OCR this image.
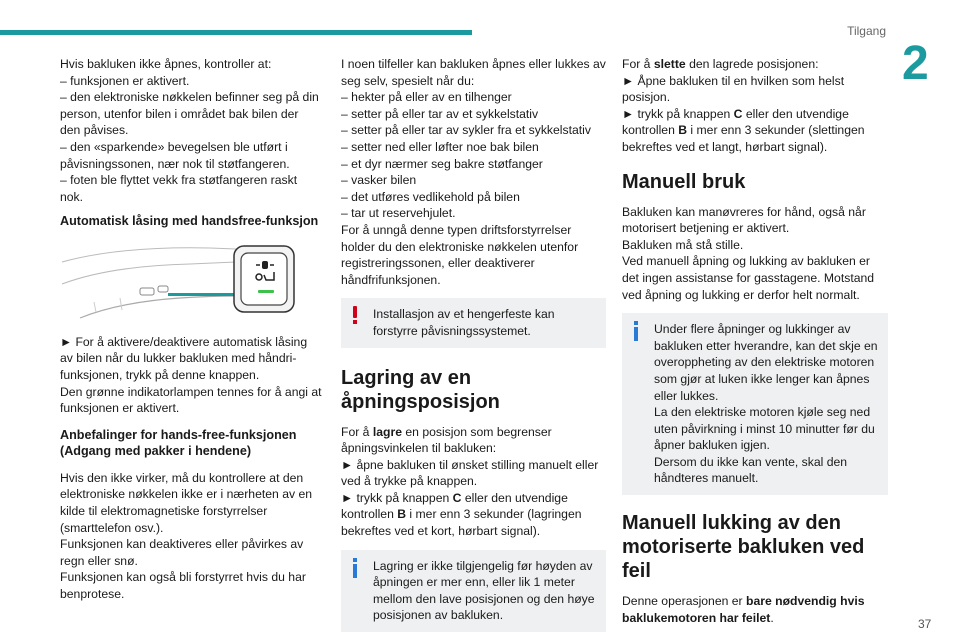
Tilgang
2
37

Hvis bakluken ikke åpnes, kontroller at:

– funksjonen er aktivert.

– den elektroniske nøkkelen befinner seg på din person, utenfor bilen i området bak bilen der den påvises.

– den «sparkende» bevegelsen ble utført i påvisningssonen, nær nok til støtfangeren.

– foten ble flyttet vekk fra støtfangeren raskt nok.

Automatisk låsing med handsfree-funksjon

► For å aktivere/deaktivere automatisk låsing av bilen når du lukker bakluken med håndri-funksjonen, trykk på denne knappen.

Den grønne indikatorlampen tennes for å angi at funksjonen er aktivert.

Anbefalinger for hands-free-funksjonen (Adgang med pakker i hendene)

Hvis den ikke virker, må du kontrollere at den elektroniske nøkkelen ikke er i nærheten av en kilde til elektromagnetiske forstyrrelser (smarttelefon osv.).

Funksjonen kan deaktiveres eller påvirkes av regn eller snø.

Funksjonen kan også bli forstyrret hvis du har benprotese.

I noen tilfeller kan bakluken åpnes eller lukkes av seg selv, spesielt når du:

– hekter på eller av en tilhenger

– setter på eller tar av et sykkelstativ

– setter på eller tar av sykler fra et sykkelstativ

– setter ned eller løfter noe bak bilen

– et dyr nærmer seg bakre støtfanger

– vasker bilen

– det utføres vedlikehold på bilen

– tar ut reservehjulet.

For å unngå denne typen driftsforstyrrelser holder du den elektroniske nøkkelen utenfor registreringssonen, eller deaktiverer håndfrifunksjonen.

Installasjon av et hengerfeste kan forstyrre påvisningssystemet.

Lagring av en åpningsposisjon

For å lagre en posisjon som begrenser åpningsvinkelen til bakluken:

► åpne bakluken til ønsket stilling manuelt eller ved å trykke på knappen.

► trykk på knappen C eller den utvendige kontrollen B i mer enn 3 sekunder (lagringen bekreftes ved et kort, hørbart signal).

Lagring er ikke tilgjengelig før høyden av åpningen er mer enn, eller lik 1 meter mellom den lave posisjonen og den høye posisjonen av bakluken.

For å slette den lagrede posisjonen:

► Åpne bakluken til en hvilken som helst posisjon.

► trykk på knappen C eller den utvendige kontrollen B i mer enn 3 sekunder (slettingen bekreftes ved et langt, hørbart signal).

Manuell bruk

Bakluken kan manøvreres for hånd, også når motorisert betjening er aktivert.

Bakluken må stå stille.

Ved manuell åpning og lukking av bakluken er det ingen assistanse for gasstagene. Motstand ved åpning og lukking er derfor helt normalt.

Under flere åpninger og lukkinger av bakluken etter hverandre, kan det skje en overoppheting av den elektriske motoren som gjør at luken ikke lenger kan åpnes eller lukkes.

La den elektriske motoren kjøle seg ned uten påvirkning i minst 10 minutter før du åpner bakluken igjen.

Dersom du ikke kan vente, skal den håndteres manuelt.

Manuell lukking av den motoriserte bakluken ved feil

Denne operasjonen er bare nødvendig hvis baklukemotoren har feilet.
